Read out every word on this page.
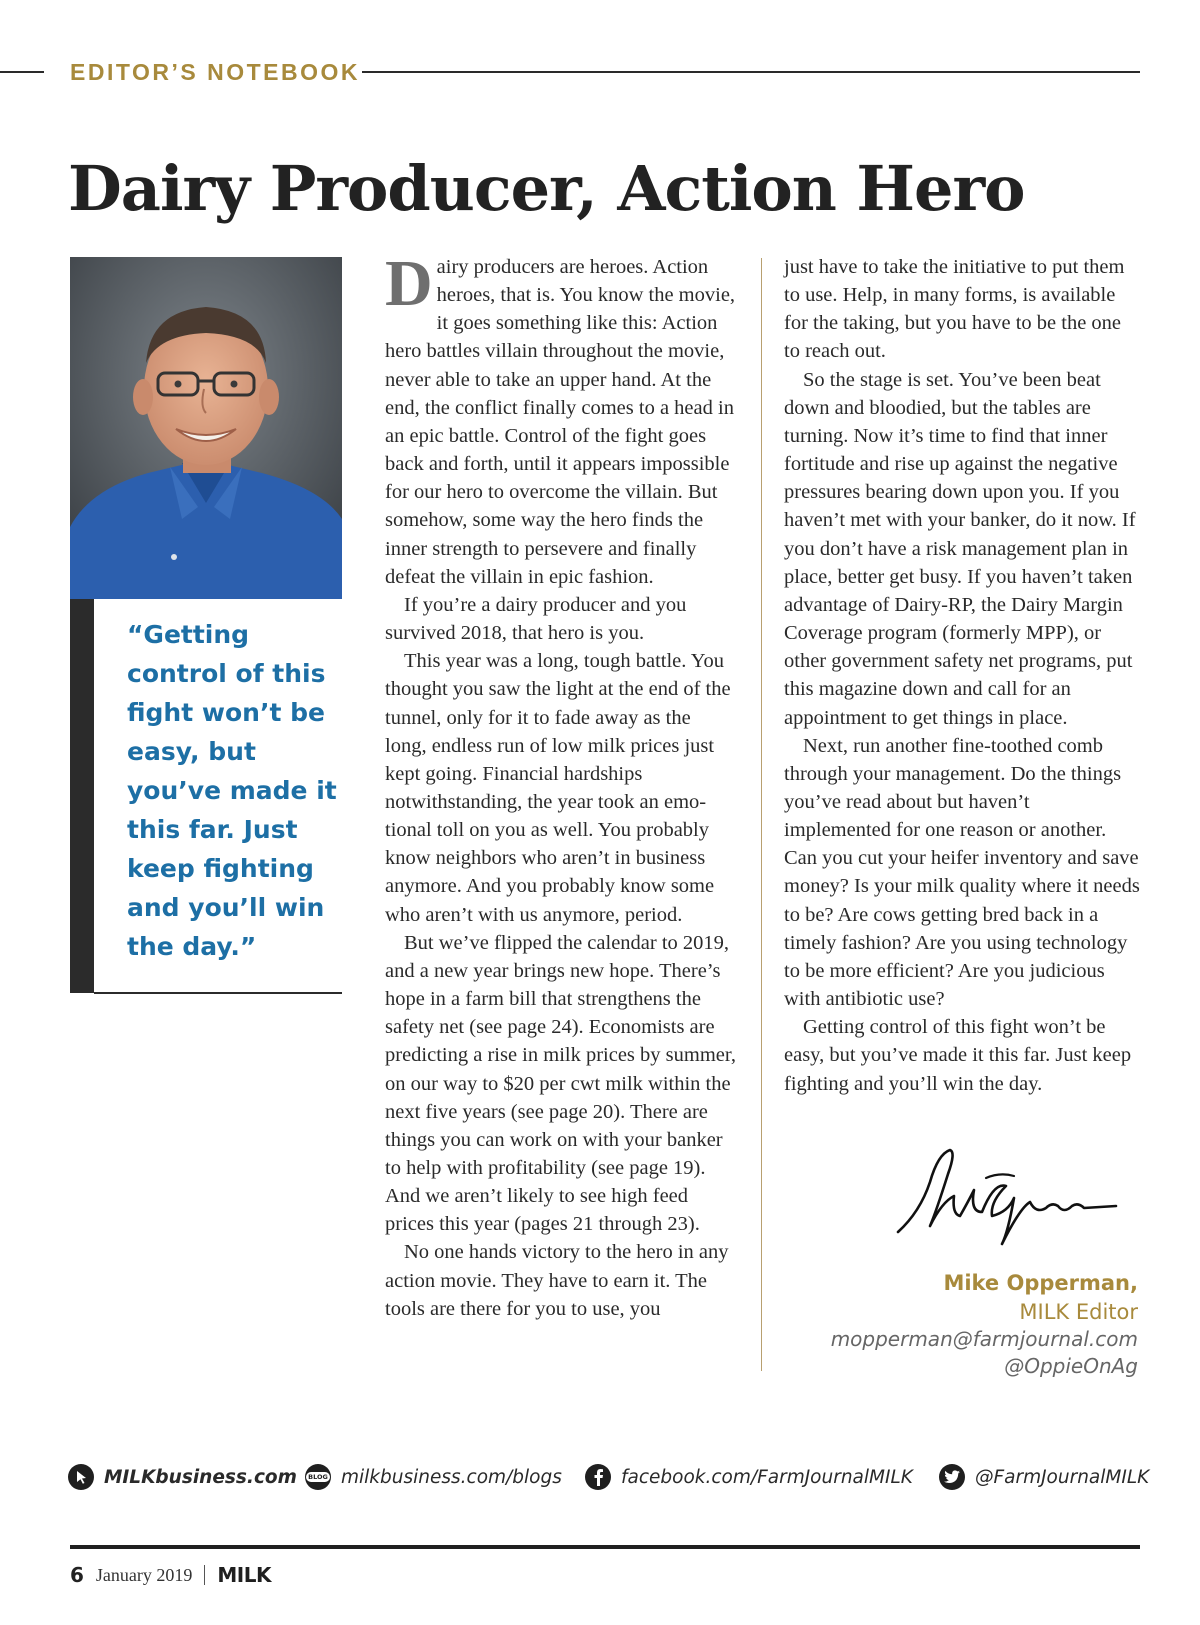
EDITOR’S NOTEBOOK
Dairy Producer, Action Hero

“Getting control of this fight won’t be easy, but you’ve made it this far. Just keep fighting and you’ll win the day.”

Dairy producers are heroes. Action heroes, that is. You know the movie, it goes something like this: Action hero battles villain throughout the movie, never able to take an upper hand. At the end, the conflict finally comes to a head in an epic battle. Control of the fight goes back and forth, until it appears impossible for our hero to overcome the villain. But somehow, some way the hero finds the inner strength to persevere and finally defeat the villain in epic fashion.

If you’re a dairy producer and you survived 2018, that hero is you.

This year was a long, tough battle. You thought you saw the light at the end of the tunnel, only for it to fade away as the long, endless run of low milk prices just kept going. Financial hardships notwithstanding, the year took an emotional toll on you as well. You probably know neighbors who aren’t in business anymore. And you probably know some who aren’t with us anymore, period.

But we’ve flipped the calendar to 2019, and a new year brings new hope. There’s hope in a farm bill that strengthens the safety net (see page 24). Economists are predicting a rise in milk prices by summer, on our way to $20 per cwt milk within the next five years (see page 20). There are things you can work on with your banker to help with profitability (see page 19). And we aren’t likely to see high feed prices this year (pages 21 through 23).

No one hands victory to the hero in any action movie. They have to earn it. The tools are there for you to use, you

just have to take the initiative to put them to use. Help, in many forms, is available for the taking, but you have to be the one to reach out.

So the stage is set. You’ve been beat down and bloodied, but the tables are turning. Now it’s time to find that inner fortitude and rise up against the negative pressures bearing down upon you. If you haven’t met with your banker, do it now. If you don’t have a risk management plan in place, better get busy. If you haven’t taken advantage of Dairy-RP, the Dairy Margin Coverage program (formerly MPP), or other government safety net programs, put this magazine down and call for an appointment to get things in place.

Next, run another fine-toothed comb through your management. Do the things you’ve read about but haven’t implemented for one reason or another. Can you cut your heifer inventory and save money? Is your milk quality where it needs to be? Are cows getting bred back in a timely fashion? Are you using technology to be more efficient? Are you judicious with antibiotic use?

Getting control of this fight won’t be easy, but you’ve made it this far. Just keep fighting and you’ll win the day.

Mike Opperman,
MILK Editor
mopperman@farmjournal.com
@OppieOnAg
MILKbusiness.com	BLOG milkbusiness.com/blogs	facebook.com/FarmJournalMILK	@FarmJournalMILK
6 January 2019 MILK
